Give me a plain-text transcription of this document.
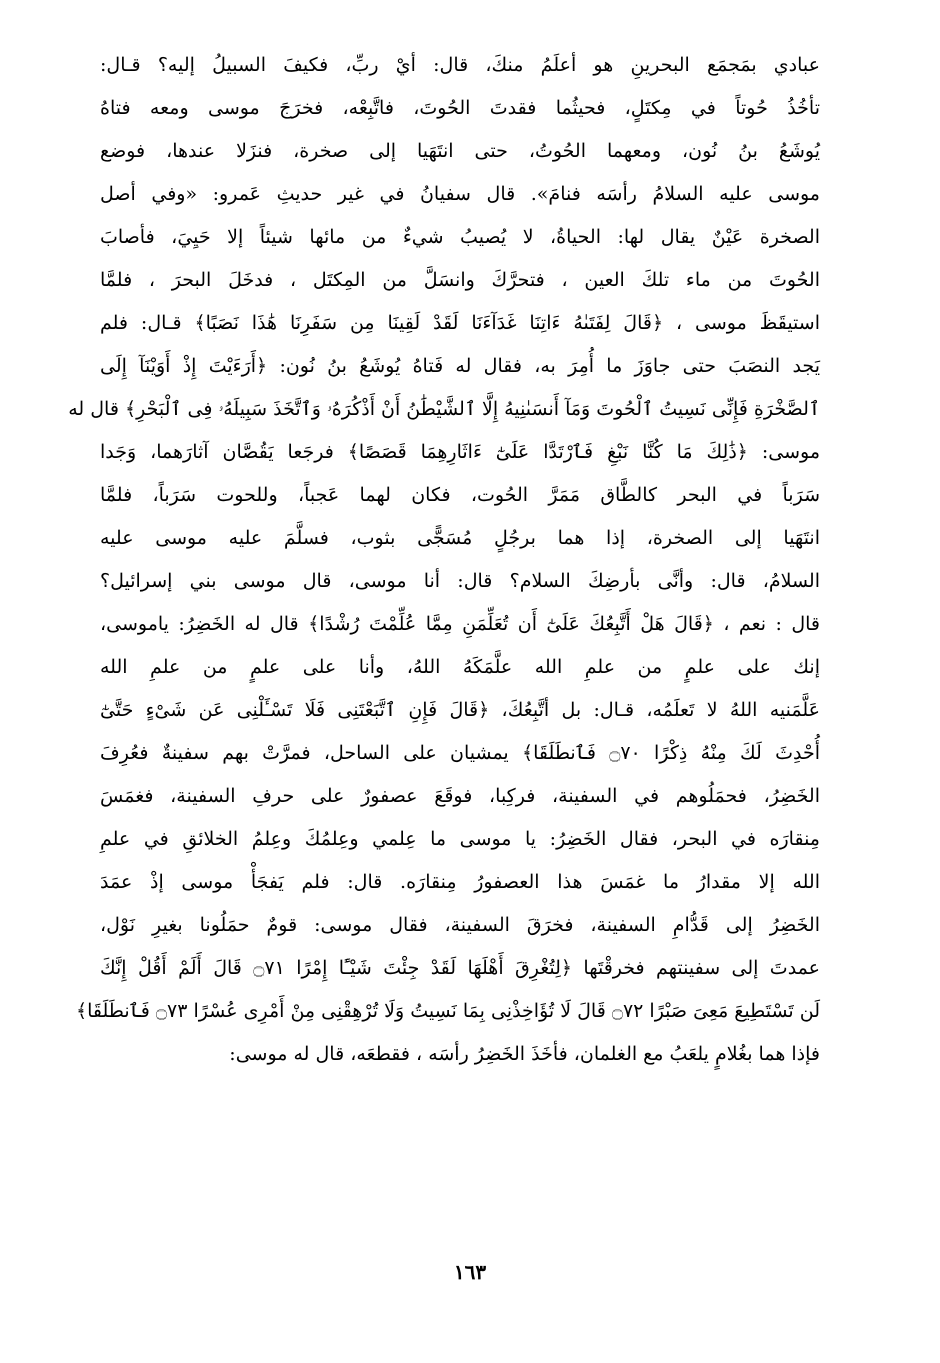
عبادي بمَجمَع البحرينِ هو أعلَمُ منكَ، قال: أيْ ربِّ، فكيفَ السبيلُ إليه؟ قـال:
تأخُذُ حُوتاً في مِكتَلٍ، فحيثُما فقدتَ الحُوتَ، فاتَّبِعْه، فخرَجَ موسى ومعه فتاهُ
يُوشَعُ بنُ نُون، ومعهما الحُوتُ، حتى انتَهَيا إلى صخرة، فنزَلا عندها، فوضع
موسى عليه السلامُ رأسَه فنامَ». قال سفيانُ في غير حديثِ عَمرو: «وفي أصل
الصخرة عَيْنٌ يقال لها: الحياةُ، لا يُصيبُ شيءٌ من مائها شيئاً إلا حَيِيَ، فأصابَ
الحُوتَ من ماء تلكَ العين ، فتحرَّكَ وانسَلَّ من المِكتَل ، فدخَلَ البحرَ ، فلمَّا
استيقَظَ موسى ، ﴿قَالَ لِفَتَىٰهُ ءَاتِنَا غَدَآءَنَا لَقَدْ لَقِينَا مِن سَفَرِنَا هَٰذَا نَصَبًا﴾ قـال: فلم
يَجد النصَبَ حتى جاوَزَ ما أُمِرَ به، فقال له فَتاهُ يُوشَعُ بنُ نُون: ﴿أَرَءَيْتَ إِذْ أَوَيْنَآ إِلَى
ٱلصَّخْرَةِ فَإِنِّى نَسِيتُ ٱلْحُوتَ وَمَآ أَنسَىٰنِيهُ إِلَّا ٱلشَّيْطَٰنُ أَنْ أَذْكُرَهُۥ وَٱتَّخَذَ سَبِيلَهُۥ فِى ٱلْبَحْرِ﴾ قال له
موسى: ﴿ذَٰلِكَ مَا كُنَّا نَبْغِ فَٱرْتَدَّا عَلَىٰٓ ءَاثَارِهِمَا قَصَصًا﴾ فرجَعا يَقُصَّان آثارَهما، وَجَدا
سَرَباً في البحر كالطَّاق مَمَرَّ الحُوت، فكان لهما عَجباً، وللحوت سَرَباً، فلمَّا
انتَهَيا إلى الصخرة، إذا هما برجُلٍ مُسَجًّى بثوب، فسلَّمَ عليه موسى عليه
السلامُ، قال: وأنَّى بأرضِكَ السلام؟ قال: أنا موسى، قال موسى بني إسرائيل؟
قال : نعم ، ﴿قَالَ هَلْ أَتَّبِعُكَ عَلَىٰٓ أَن تُعَلِّمَنِ مِمَّا عُلِّمْتَ رُشْدًا﴾ قال له الخَضِرُ: ياموسى،
إنك على علمٍ من علمِ الله علَّمَكَهُ اللهُ، وأنا على علمٍ من علمِ الله
عَلَّمَنيه اللهُ لا تَعلَمُه، قـال: بل أتَّبِعُكَ، ﴿قَالَ فَإِنِ ٱتَّبَعْتَنِى فَلَا تَسْـَٔلْنِى عَن شَىْءٍ حَتَّىٰٓ
أُحْدِثَ لَكَ مِنْهُ ذِكْرًا ۝٧٠ فَٱنطَلَقَا﴾ يمشيان على الساحل، فمرَّتْ بهم سفينةٌ فعُرِفَ
الخَضِرُ، فحمَلُوهم في السفينة، فركِبا، فوقَعَ عصفورٌ على حرفِ السفينة، فغمَسَ
مِنقارَه في البحر، فقال الخَضِرُ: يا موسى ما عِلمي وعِلمُكَ وعِلمُ الخلائقِ في علمِ
الله إلا مقدارُ ما غمَسَ هذا العصفورُ مِنقارَه. قال: فلم يَفجَأْ موسى إذْ عمَدَ
الخَضِرُ إلى قَدُّامِ السفينة، فخرَقَ السفينة، فقال موسى: قومٌ حمَلُونا بغيرِ نَوْل،
عمدتَ إلى سفينتهم فخرقْتَها ﴿لِتُغْرِقَ أَهْلَهَا لَقَدْ جِئْتَ شَيْـًٔا إِمْرًا ۝٧١ قَالَ أَلَمْ أَقُلْ إِنَّكَ
لَن تَسْتَطِيعَ مَعِىَ صَبْرًا ۝٧٢ قَالَ لَا تُؤَاخِذْنِى بِمَا نَسِيتُ وَلَا تُرْهِقْنِى مِنْ أَمْرِى عُسْرًا ۝٧٣ فَٱنطَلَقَا﴾
فإذا هما بغُلامٍ يلعَبُ مع الغلمان، فأخَذَ الخَضِرُ رأسَه ، فقطعَه، قال له موسى:
١٦٣
